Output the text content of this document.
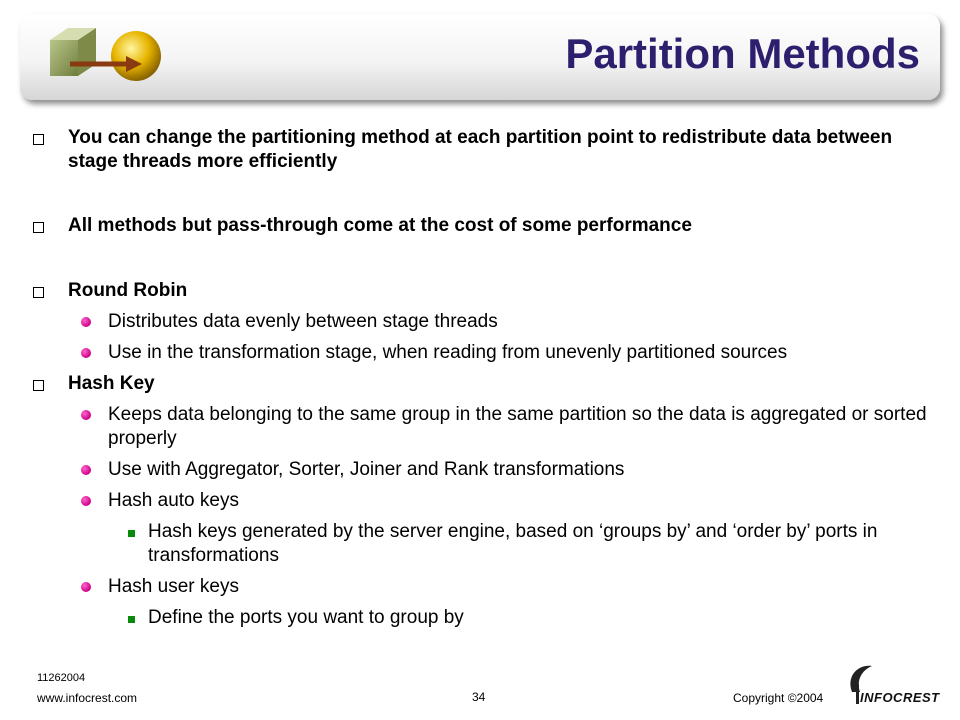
Partition Methods
You can change the partitioning method at each partition point to redistribute data between stage threads more efficiently
All methods but pass-through come at the cost of some performance
Round Robin
Distributes data evenly between stage threads
Use in the transformation stage, when reading from unevenly partitioned sources
Hash Key
Keeps data belonging to the same group in the same partition so the data is aggregated or sorted properly
Use with Aggregator, Sorter, Joiner and Rank transformations
Hash auto keys
Hash keys generated by the server engine, based on ‘groups by’ and ‘order by’ ports in transformations
Hash user keys
Define the ports you want to group by
11262004
www.infocrest.com	34	Copyright ©2004	INFOCREST
